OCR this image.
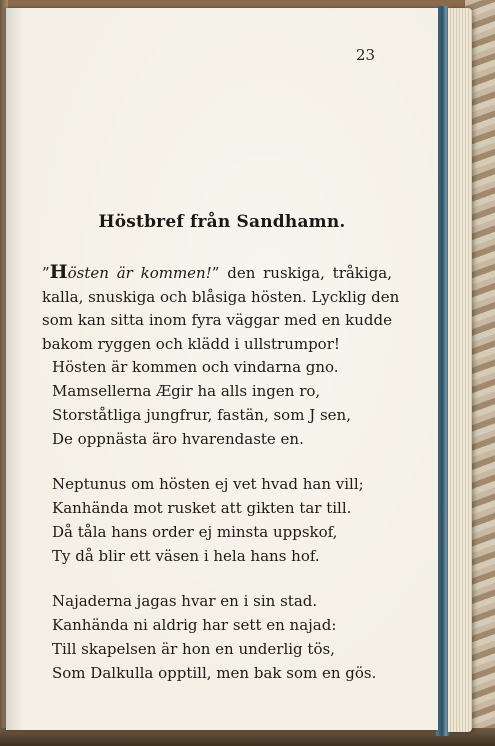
23
Höstbref från Sandhamn.
”Hösten är kommen!” den ruskiga, tråkiga,
kalla, snuskiga och blåsiga hösten. Lycklig den
som kan sitta inom fyra väggar med en kudde
bakom ryggen och klädd i ullstrumpor!
Hösten är kommen och vindarna gno.
Mamsellerna Ægir ha alls ingen ro,
Storståtliga jungfrur, fastän, som J sen,
De oppnästa äro hvarendaste en.
Neptunus om hösten ej vet hvad han vill;
Kanhända mot rusket att gikten tar till.
Då tåla hans order ej minsta uppskof,
Ty då blir ett väsen i hela hans hof.
Najaderna jagas hvar en i sin stad.
Kanhända ni aldrig har sett en najad:
Till skapelsen är hon en underlig tös,
Som Dalkulla opptill, men bak som en gös.
